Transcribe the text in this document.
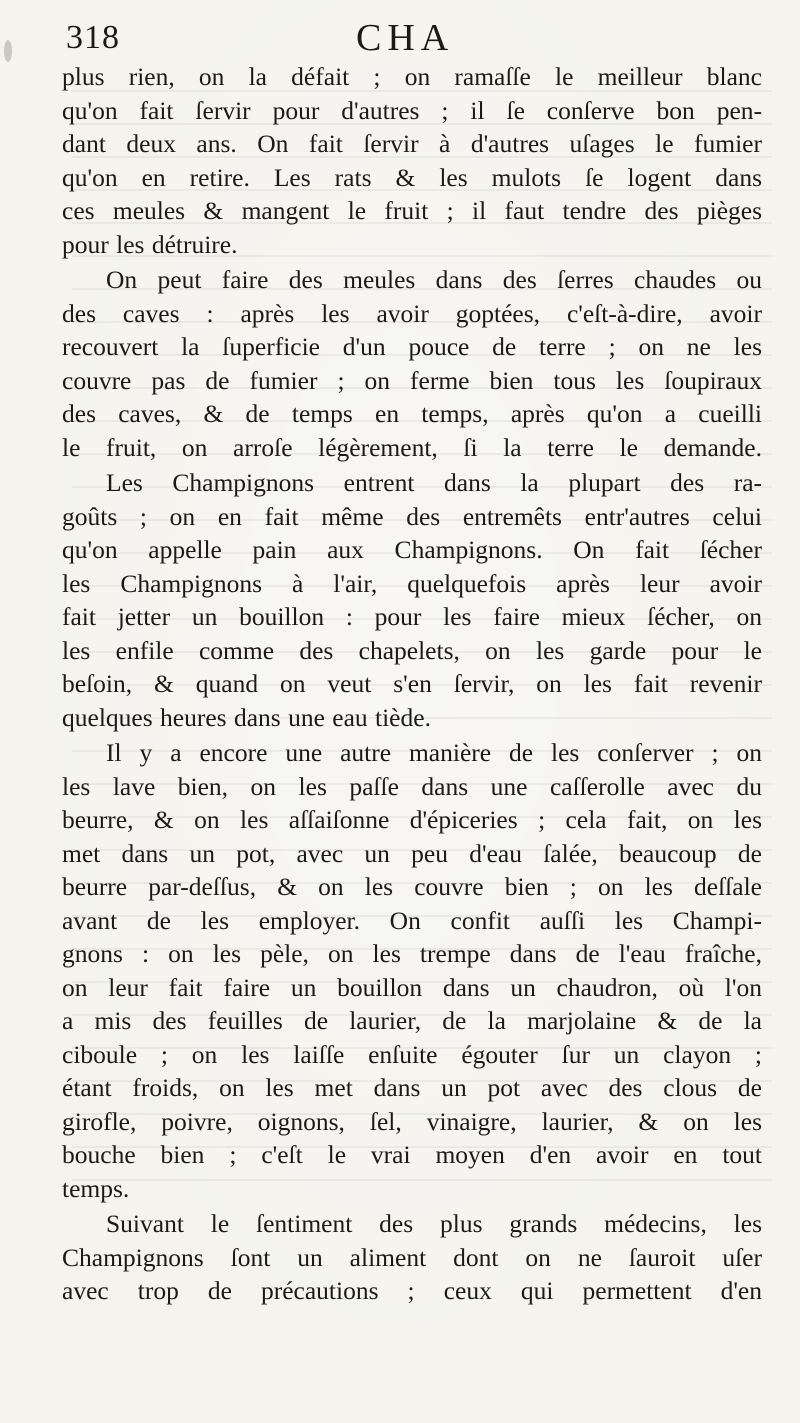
318	CHA
plus rien, on la défait ; on ramaſſe le meilleur blanc
qu'on fait ſervir pour d'autres ; il ſe conſerve bon pen-
dant deux ans. On fait ſervir à d'autres uſages le fumier
qu'on en retire. Les rats & les mulots ſe logent dans
ces meules & mangent le fruit ; il faut tendre des pièges
pour les détruire.
On peut faire des meules dans des ſerres chaudes ou
des caves : après les avoir goptées, c'eſt-à-dire, avoir
recouvert la ſuperficie d'un pouce de terre ; on ne les
couvre pas de fumier ; on ferme bien tous les ſoupiraux
des caves, & de temps en temps, après qu'on a cueilli
le fruit, on arroſe légèrement, ſi la terre le demande.
Les Champignons entrent dans la plupart des ra-
goûts ; on en fait même des entremêts entr'autres celui
qu'on appelle pain aux Champignons. On fait ſécher
les Champignons à l'air, quelquefois après leur avoir
fait jetter un bouillon : pour les faire mieux ſécher, on
les enfile comme des chapelets, on les garde pour le
beſoin, & quand on veut s'en ſervir, on les fait revenir
quelques heures dans une eau tiède.
Il y a encore une autre manière de les conſerver ; on
les lave bien, on les paſſe dans une caſſerolle avec du
beurre, & on les aſſaiſonne d'épiceries ; cela fait, on les
met dans un pot, avec un peu d'eau ſalée, beaucoup de
beurre par-deſſus, & on les couvre bien ; on les deſſale
avant de les employer. On confit auſſi les Champi-
gnons : on les pèle, on les trempe dans de l'eau fraîche,
on leur fait faire un bouillon dans un chaudron, où l'on
a mis des feuilles de laurier, de la marjolaine & de la
ciboule ; on les laiſſe enſuite égouter ſur un clayon ;
étant froids, on les met dans un pot avec des clous de
girofle, poivre, oignons, ſel, vinaigre, laurier, & on les
bouche bien ; c'eſt le vrai moyen d'en avoir en tout
temps.
Suivant le ſentiment des plus grands médecins, les
Champignons ſont un aliment dont on ne ſauroit uſer
avec trop de précautions ; ceux qui permettent d'en
